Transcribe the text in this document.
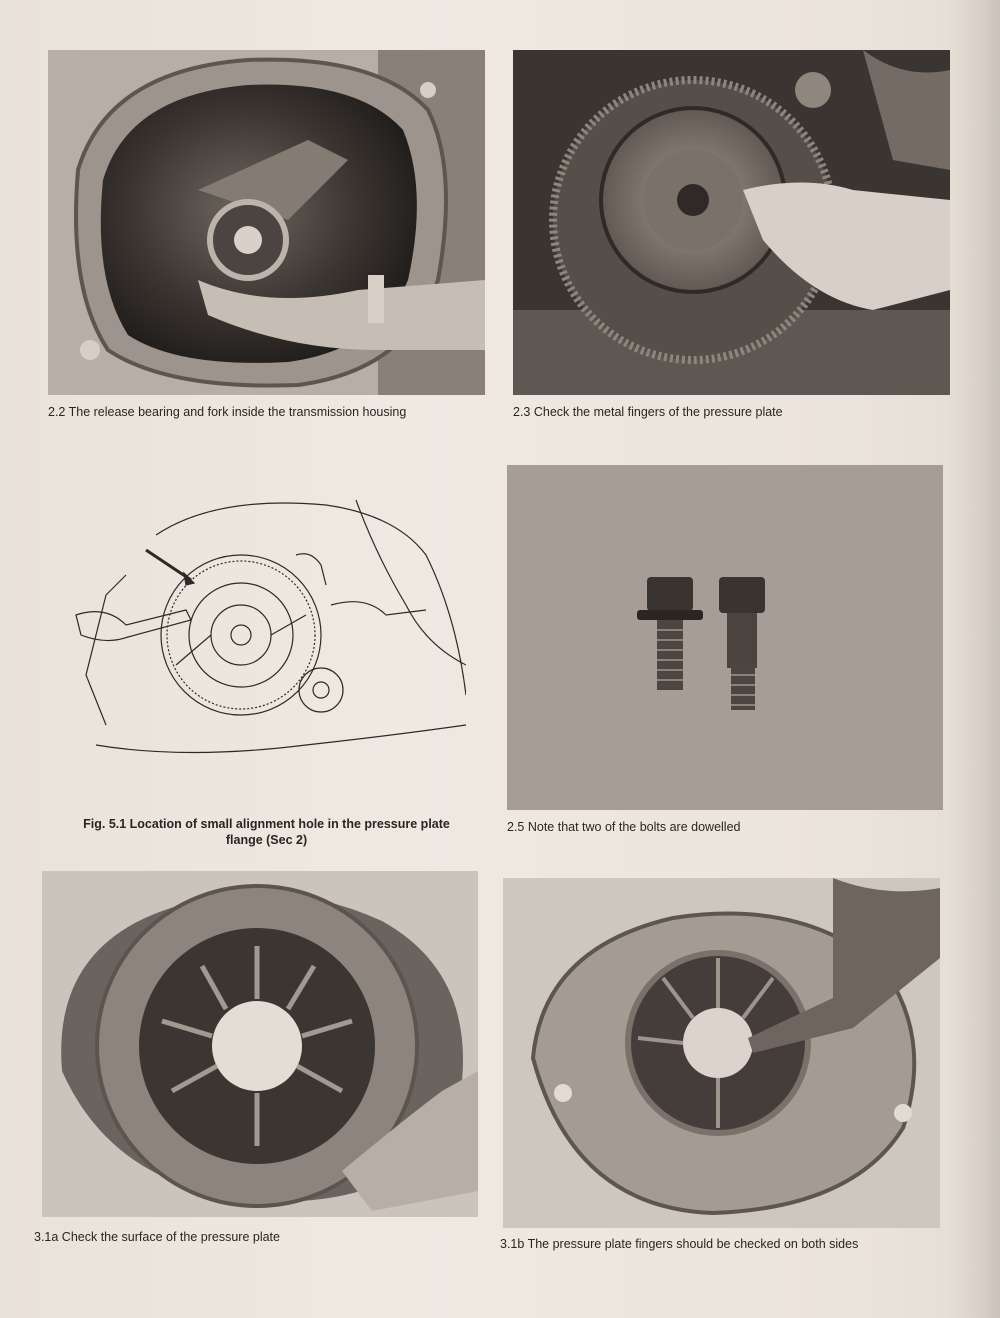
2.2 The release bearing and fork inside the transmission housing	2.3 Check the metal fingers of the pressure plate
Fig. 5.1 Location of small alignment hole in the pressure plate
flange (Sec 2)
2.5 Note that two of the bolts are dowelled
3.1a Check the surface of the pressure plate	3.1b The pressure plate fingers should be checked on both sides
